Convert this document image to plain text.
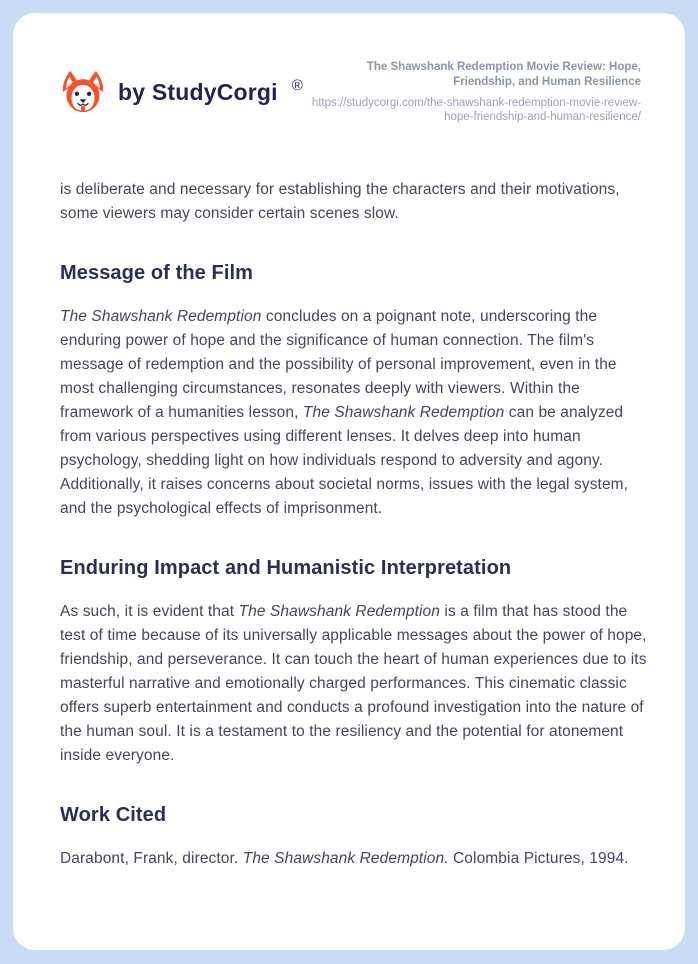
by StudyCorgi ®
The Shawshank Redemption Movie Review: Hope, Friendship, and Human Resilience
https://studycorgi.com/the-shawshank-redemption-movie-review-hope-friendship-and-human-resilience/

is deliberate and necessary for establishing the characters and their motivations, some viewers may consider certain scenes slow.

Message of the Film

The Shawshank Redemption concludes on a poignant note, underscoring the enduring power of hope and the significance of human connection. The film's message of redemption and the possibility of personal improvement, even in the most challenging circumstances, resonates deeply with viewers. Within the framework of a humanities lesson, The Shawshank Redemption can be analyzed from various perspectives using different lenses. It delves deep into human psychology, shedding light on how individuals respond to adversity and agony. Additionally, it raises concerns about societal norms, issues with the legal system, and the psychological effects of imprisonment.

Enduring Impact and Humanistic Interpretation

As such, it is evident that The Shawshank Redemption is a film that has stood the test of time because of its universally applicable messages about the power of hope, friendship, and perseverance. It can touch the heart of human experiences due to its masterful narrative and emotionally charged performances. This cinematic classic offers superb entertainment and conducts a profound investigation into the nature of the human soul. It is a testament to the resiliency and the potential for atonement inside everyone.

Work Cited

Darabont, Frank, director. The Shawshank Redemption. Colombia Pictures, 1994.
